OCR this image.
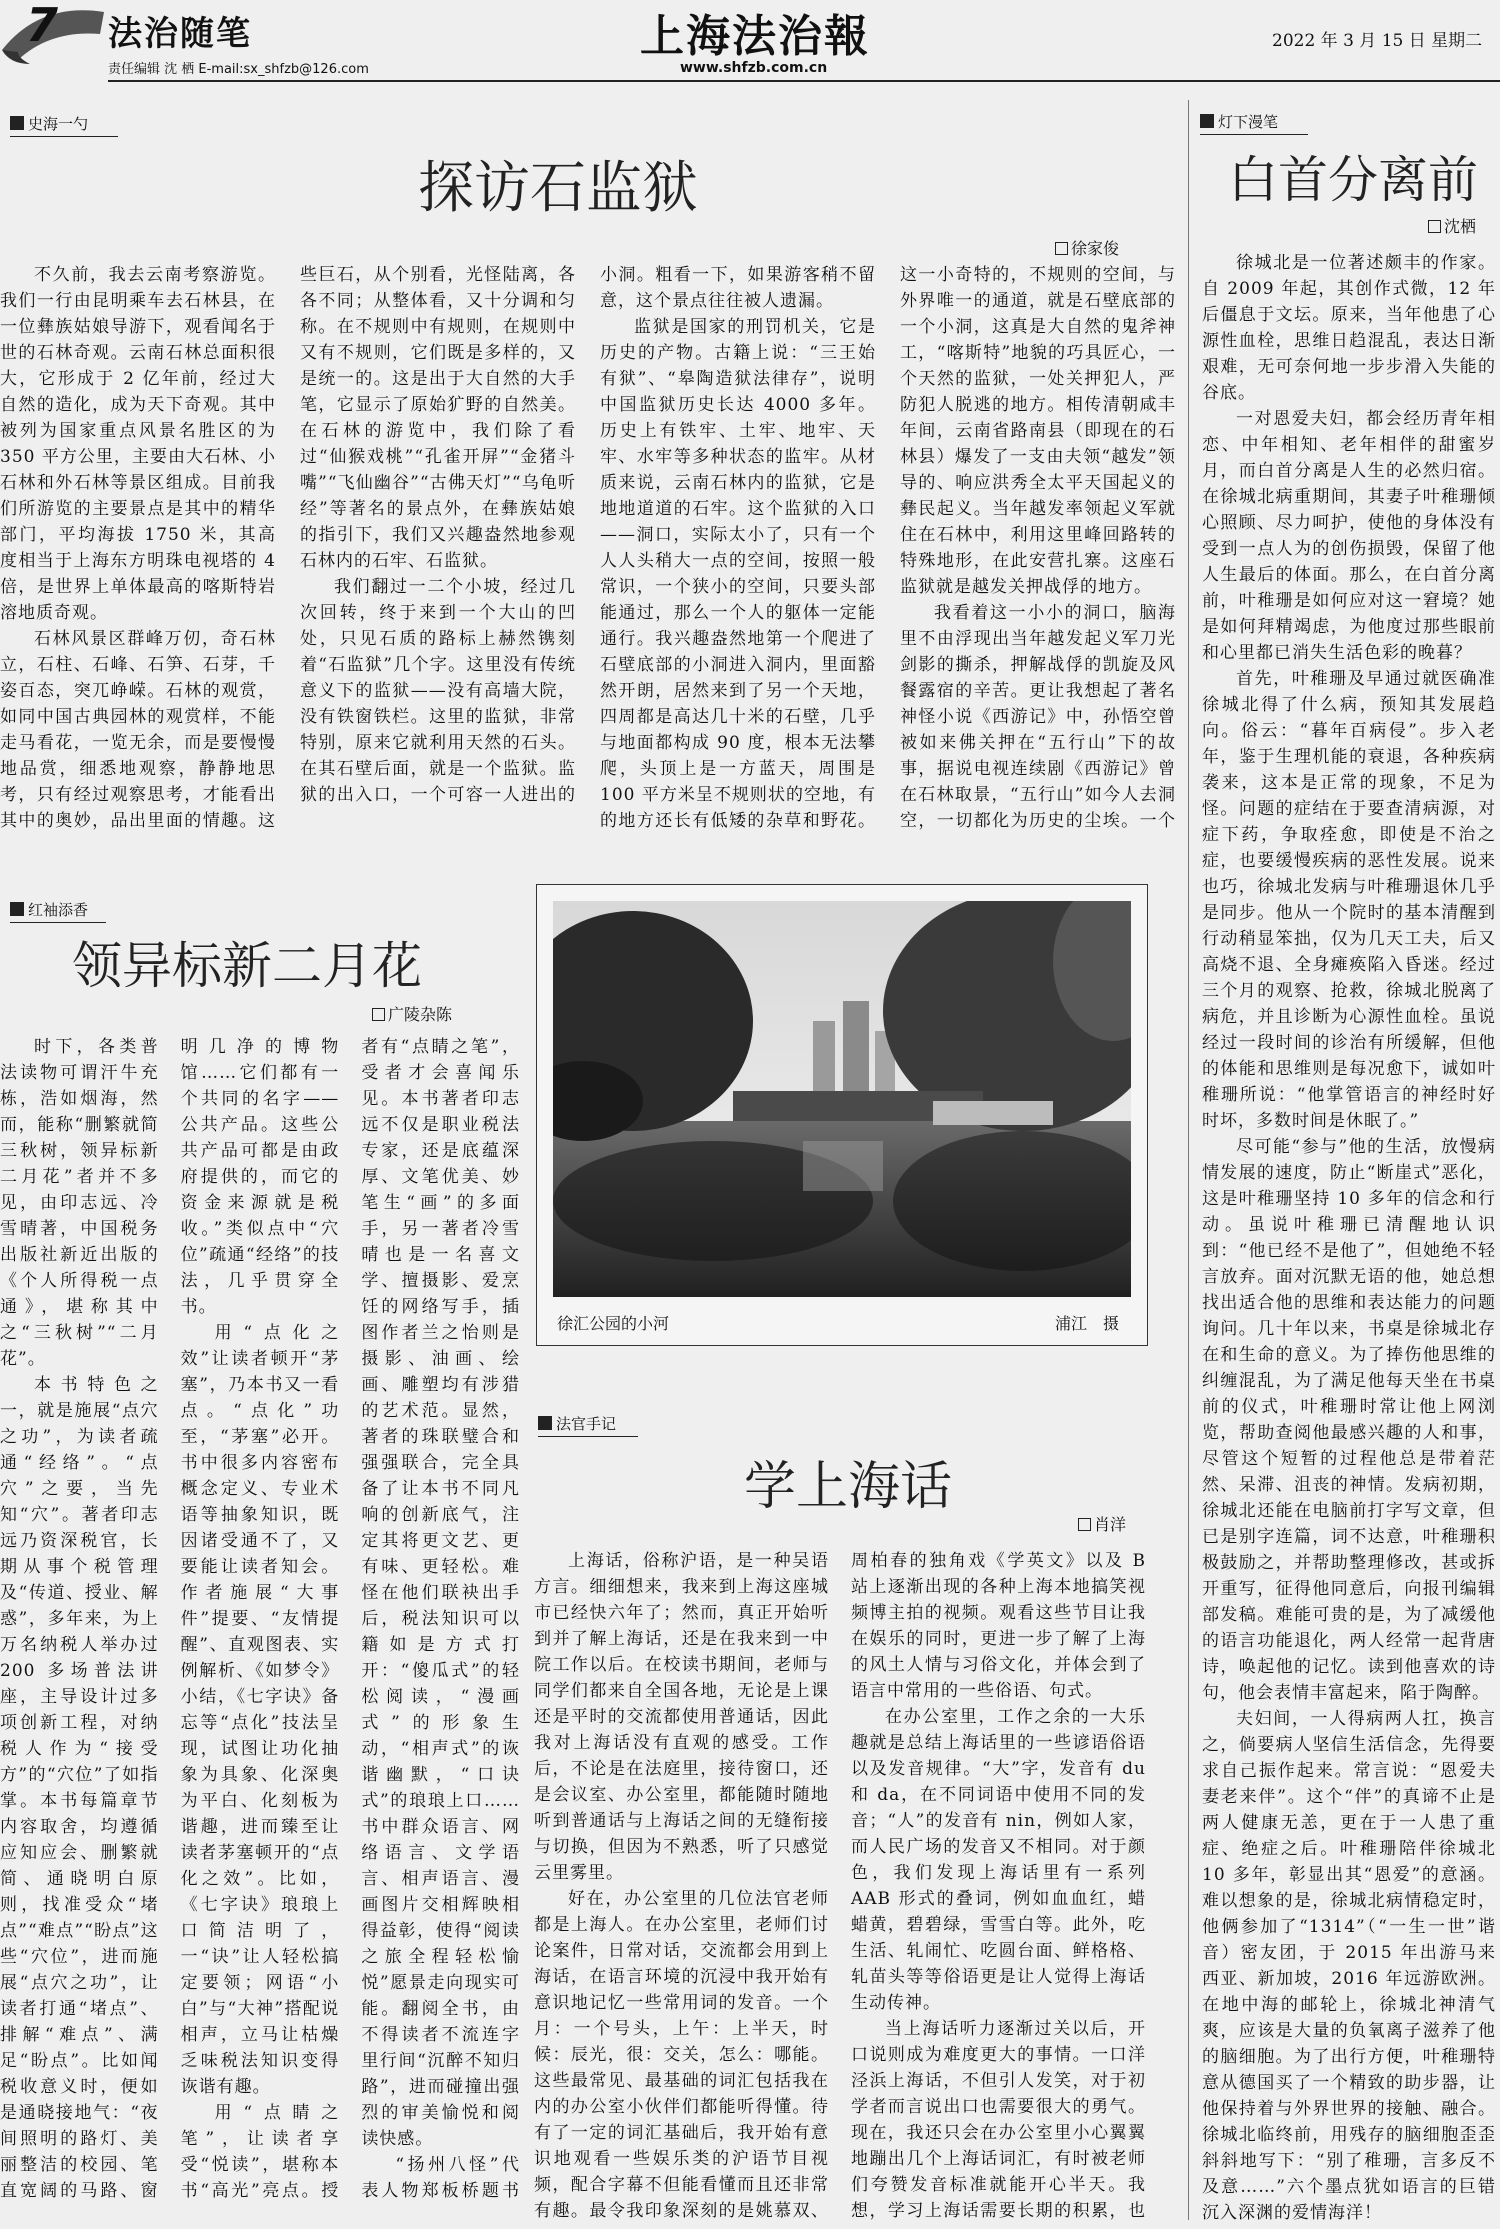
7 法治随笔
责任编辑 沈 栖 E-mail:sx_shfzb@126.com
上海法治報
www.shfzb.com.cn
2022 年 3 月 15 日 星期二
史海一勺
探访石监狱
徐家俊

不久前，我去云南考察游览。我们一行由昆明乘车去石林县，在一位彝族姑娘导游下，观看闻名于世的石林奇观。云南石林总面积很大，它形成于 2 亿年前，经过大自然的造化，成为天下奇观。其中被列为国家重点风景名胜区的为 350 平方公里，主要由大石林、小石林和外石林等景区组成。目前我们所游览的主要景点是其中的精华部门，平均海拔 1750 米，其高度相当于上海东方明珠电视塔的 4 倍，是世界上单体最高的喀斯特岩溶地质奇观。

石林风景区群峰万仞，奇石林立，石柱、石峰、石笋、石芽，千姿百态，突兀峥嵘。石林的观赏，如同中国古典园林的观赏样，不能走马看花，一览无余，而是要慢慢地品赏，细悉地观察，静静地思考，只有经过观察思考，才能看出其中的奥妙，品出里面的情趣。这些巨石，从个别看，光怪陆离，各各不同；从整体看，又十分调和匀称。在不规则中有规则，在规则中又有不规则，它们既是多样的，又是统一的。这是出于大自然的大手笔，它显示了原始犷野的自然美。在石林的游览中，我们除了看过“仙猴戏桃”“孔雀开屏”“金猪斗嘴”“飞仙幽谷”“古佛天灯”“乌龟听经”等著名的景点外，在彝族姑娘的指引下，我们又兴趣盎然地参观石林内的石牢、石监狱。

我们翻过一二个小坡，经过几次回转，终于来到一个大山的凹处，只见石质的路标上赫然镌刻着“石监狱”几个字。这里没有传统意义下的监狱——没有高墙大院，没有铁窗铁栏。这里的监狱，非常特别，原来它就利用天然的石头。在其石壁后面，就是一个监狱。监狱的出入口，一个可容一人进出的小洞。粗看一下，如果游客稍不留意，这个景点往往被人遗漏。

监狱是国家的刑罚机关，它是历史的产物。古籍上说：“三王始有狱”、“皋陶造狱法律存”，说明中国监狱历史长达 4000 多年。历史上有铁牢、土牢、地牢、天牢、水牢等多种状态的监牢。从材质来说，云南石林内的监狱，它是地地道道的石牢。这个监狱的入口——洞口，实际太小了，只有一个人人头稍大一点的空间，按照一般常识，一个狭小的空间，只要头部能通过，那么一个人的躯体一定能通行。我兴趣盎然地第一个爬进了石壁底部的小洞进入洞内，里面豁然开朗，居然来到了另一个天地，四周都是高达几十米的石壁，几乎与地面都构成 90 度，根本无法攀爬，头顶上是一方蓝天，周围是 100 平方米呈不规则状的空地，有的地方还长有低矮的杂草和野花。这一小奇特的，不规则的空间，与外界唯一的通道，就是石壁底部的一个小洞，这真是大自然的鬼斧神工，“喀斯特”地貌的巧具匠心，一个天然的监狱，一处关押犯人，严防犯人脱逃的地方。相传清朝咸丰年间，云南省路南县（即现在的石林县）爆发了一支由夫领“越发”领导的、响应洪秀全太平天国起义的彝民起义。当年越发率领起义军就住在石林中，利用这里峰回路转的特殊地形，在此安营扎寨。这座石监狱就是越发关押战俘的地方。

我看着这一小小的洞口，脑海里不由浮现出当年越发起义军刀光剑影的撕杀，押解战俘的凯旋及风餐露宿的辛苦。更让我想起了著名神怪小说《西游记》中，孙悟空曾被如来佛关押在“五行山”下的故事，据说电视连续剧《西游记》曾在石林取景，“五行山”如今人去洞空，一切都化为历史的尘埃。一个

灯下漫笔
白首分离前
沈栖

徐城北是一位著述颇丰的作家。自 2009 年起，其创作式微，12 年后僵息于文坛。原来，当年他患了心源性血栓，思维日趋混乱，表达日渐艰难，无可奈何地一步步滑入失能的谷底。

一对恩爱夫妇，都会经历青年相恋、中年相知、老年相伴的甜蜜岁月，而白首分离是人生的必然归宿。在徐城北病重期间，其妻子叶稚珊倾心照顾、尽力呵护，使他的身体没有受到一点人为的创伤损毁，保留了他人生最后的体面。那么，在白首分离前，叶稚珊是如何应对这一窘境？她是如何拜精竭虑，为他度过那些眼前和心里都已消失生活色彩的晚暮？

首先，叶稚珊及早通过就医确准徐城北得了什么病，预知其发展趋向。俗云：“暮年百病侵”。步入老年，鉴于生理机能的衰退，各种疾病袭来，这本是正常的现象，不足为怪。问题的症结在于要查清病源，对症下药，争取痊愈，即使是不治之症，也要缓慢疾病的恶性发展。说来也巧，徐城北发病与叶稚珊退休几乎是同步。他从一个院时的基本清醒到行动稍显笨拙，仅为几天工夫，后又高烧不退、全身瘫痪陷入昏迷。经过三个月的观察、抢救，徐城北脱离了病危，并且诊断为心源性血栓。虽说经过一段时间的诊治有所缓解，但他的体能和思维则是每况愈下，诚如叶稚珊所说：“他掌管语言的神经时好时坏，多数时间是休眠了。”

尽可能“参与”他的生活，放慢病情发展的速度，防止“断崖式”恶化，这是叶稚珊坚持 10 多年的信念和行动。虽说叶稚珊已清醒地认识到：“他已经不是他了”，但她绝不轻言放弃。面对沉默无语的他，她总想找出适合他的思维和表达能力的问题询问。几十年以来，书桌是徐城北存在和生命的意义。为了捧伤他思维的纠缠混乱，为了满足他每天坐在书桌前的仪式，叶稚珊时常让他上网浏览，帮助查阅他最感兴趣的人和事，尽管这个短暂的过程他总是带着茫然、呆滞、沮丧的神情。发病初期，徐城北还能在电脑前打字写文章，但已是别字连篇，词不达意，叶稚珊积极鼓励之，并帮助整理修改，甚或拆开重写，征得他同意后，向报刊编辑部发稿。难能可贵的是，为了减缓他的语言功能退化，两人经常一起背唐诗，唤起他的记忆。读到他喜欢的诗句，他会表情丰富起来，陷于陶醉。

夫妇间，一人得病两人扛，换言之，倘要病人坚信生活信念，先得要求自己振作起来。常言说：“恩爱夫妻老来伴”。这个“伴”的真谛不止是两人健康无恙，更在于一人患了重症、绝症之后。叶稚珊陪伴徐城北 10 多年，彰显出其“恩爱”的意涵。难以想象的是，徐城北病情稳定时，他俩参加了“1314”（“一生一世”谐音）密友团，于 2015 年出游马来西亚、新加坡，2016 年远游欧洲。在地中海的邮轮上，徐城北神清气爽，应该是大量的负氧离子滋养了他的脑细胞。为了出行方便，叶稚珊特意从德国买了一个精致的助步器，让他保持着与外界世界的接触、融合。徐城北临终前，用残存的脑细胞歪歪斜斜地写下：“别了稚珊，言多反不及意……”六个墨点犹如语言的巨错沉入深渊的爱情海洋！

红袖添香
领异标新二月花
广陵杂陈

时下，各类普法读物可谓汗牛充栋，浩如烟海，然而，能称“删繁就简三秋树，领异标新二月花”者并不多见，由印志远、冷雪晴著，中国税务出版社新近出版的《个人所得税一点通》，堪称其中之“三秋树”“二月花”。

本书特色之一，就是施展“点穴之功”，为读者疏通“经络”。“点穴”之要，当先知“穴”。著者印志远乃资深税官，长期从事个税管理及“传道、授业、解惑”，多年来，为上万名纳税人举办过 200 多场普法讲座，主导设计过多项创新工程，对纳税人作为“接受方”的“穴位”了如指掌。本书每篇章节内容取舍，均遵循应知应会、删繁就简、通晓明白原则，找准受众“堵点”“难点”“盼点”这些“穴位”，进而施展“点穴之功”，让读者打通“堵点”、排解“难点”、满足“盼点”。比如闻税收意义时，便如是通晓接地气：“夜间照明的路灯、美丽整洁的校园、笔直宽阔的马路、窗明几净的博物馆……它们都有一个共同的名字——公共产品。这些公共产品可都是由政府提供的，而它的资金来源就是税收。”类似点中“穴位”疏通“经络”的技法，几乎贯穿全书。

用“点化之效”让读者顿开“茅塞”，乃本书又一看点。“点化”功至，“茅塞”必开。书中很多内容密布概念定义、专业术语等抽象知识，既因诸受通不了，又要能让读者知会。作者施展“大事件”提要、“友情提醒”、直观图表、实例解析、《如梦令》小结，《七字诀》备忘等“点化”技法呈现，试图让功化抽象为具象、化深奥为平白、化刻板为谐趣，进而臻至让读者茅塞顿开的“点化之效”。比如，《七字诀》琅琅上口简洁明了，一“诀”让人轻松搞定要领；网语“小白”与“大神”搭配说相声，立马让枯燥乏味税法知识变得诙谐有趣。

用“点睛之笔”，让读者享受“悦读”，堪称本书“高光”亮点。授者有“点睛之笔”，受者才会喜闻乐见。本书著者印志远不仅是职业税法专家，还是底蕴深厚、文笔优美、妙笔生“画”的多面手，另一著者冷雪晴也是一名喜文学、擅摄影、爱烹饪的网络写手，插图作者兰之怡则是摄影、油画、绘画、雕塑均有涉猎的艺术范。显然，著者的珠联璧合和强强联合，完全具备了让本书不同凡响的创新底气，注定其将更文艺、更有味、更轻松。难怪在他们联袂出手后，税法知识可以籍如是方式打开：“傻瓜式”的轻松阅读，“漫画式”的形象生动，“相声式”的诙谐幽默，“口诀式”的琅琅上口……书中群众语言、网络语言、文学语言、相声语言、漫画图片交相辉映相得益彰，使得“阅读之旅全程轻松愉悦”愿景走向现实可能。翻阅全书，由不得读者不流连字里行间“沉醉不知归路”，进而碰撞出强烈的审美愉悦和阅读快感。

“扬州八怪”代表人物郑板桥题书

徐汇公园的小河	浦江　摄
法官手记
学上海话
肖洋

上海话，俗称沪语，是一种吴语方言。细细想来，我来到上海这座城市已经快六年了；然而，真正开始听到并了解上海话，还是在我来到一中院工作以后。在校读书期间，老师与同学们都来自全国各地，无论是上课还是平时的交流都使用普通话，因此我对上海话没有直观的感受。工作后，不论是在法庭里，接待窗口，还是会议室、办公室里，都能随时随地听到普通话与上海话之间的无缝衔接与切换，但因为不熟悉，听了只感觉云里雾里。

好在，办公室里的几位法官老师都是上海人。在办公室里，老师们讨论案件，日常对话，交流都会用到上海话，在语言环境的沉浸中我开始有意识地记忆一些常用词的发音。一个月：一个号头，上午：上半天，时候：辰光，很：交关，怎么：哪能。这些最常见、最基础的词汇包括我在内的办公室小伙伴们都能听得懂。待有了一定的词汇基础后，我开始有意识地观看一些娱乐类的沪语节目视频，配合字幕不但能看懂而且还非常有趣。最令我印象深刻的是姚慕双、周柏春的独角戏《学英文》以及 B 站上逐渐出现的各种上海本地搞笑视频博主拍的视频。观看这些节目让我在娱乐的同时，更进一步了解了上海的风土人情与习俗文化，并体会到了语言中常用的一些俗语、句式。

在办公室里，工作之余的一大乐趣就是总结上海话里的一些谚语俗语以及发音规律。“大”字，发音有 du 和 da，在不同词语中使用不同的发音；“人”的发音有 nin，例如人家，而人民广场的发音又不相同。对于颜色，我们发现上海话里有一系列 AAB 形式的叠词，例如血血红，蜡蜡黄，碧碧绿，雪雪白等。此外，吃生活、轧闹忙、吃圆台面、鲜格格、轧苗头等等俗语更是让人觉得上海话生动传神。

当上海话听力逐渐过关以后，开口说则成为难度更大的事情。一口洋泾浜上海话，不但引人发笑，对于初学者而言说出口也需要很大的勇气。现在，我还只会在办公室里小心翼翼地蹦出几个上海话词汇，有时被老师们夸赞发音标准就能开心半天。我想，学习上海话需要长期的积累，也
